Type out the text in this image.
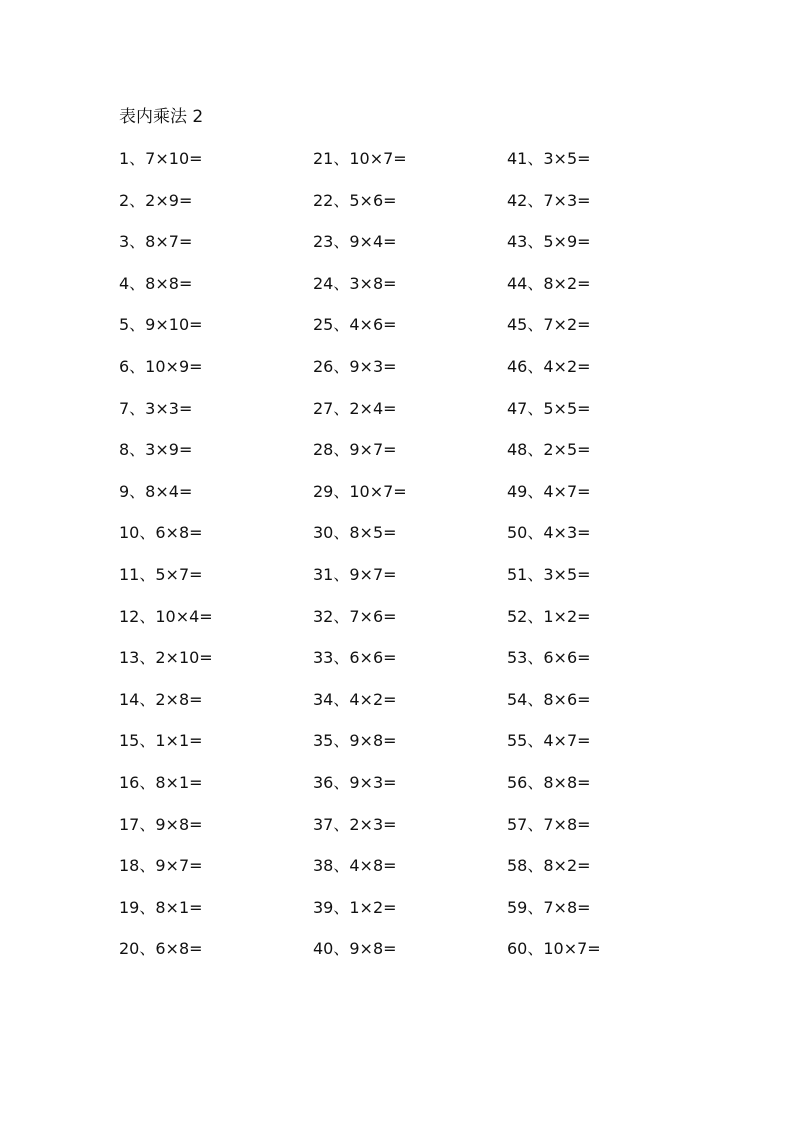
表内乘法 2
1、7×10=
2、2×9=
3、8×7=
4、8×8=
5、9×10=
6、10×9=
7、3×3=
8、3×9=
9、8×4=
10、6×8=
11、5×7=
12、10×4=
13、2×10=
14、2×8=
15、1×1=
16、8×1=
17、9×8=
18、9×7=
19、8×1=
20、6×8=
21、10×7=
22、5×6=
23、9×4=
24、3×8=
25、4×6=
26、9×3=
27、2×4=
28、9×7=
29、10×7=
30、8×5=
31、9×7=
32、7×6=
33、6×6=
34、4×2=
35、9×8=
36、9×3=
37、2×3=
38、4×8=
39、1×2=
40、9×8=
41、3×5=
42、7×3=
43、5×9=
44、8×2=
45、7×2=
46、4×2=
47、5×5=
48、2×5=
49、4×7=
50、4×3=
51、3×5=
52、1×2=
53、6×6=
54、8×6=
55、4×7=
56、8×8=
57、7×8=
58、8×2=
59、7×8=
60、10×7=
